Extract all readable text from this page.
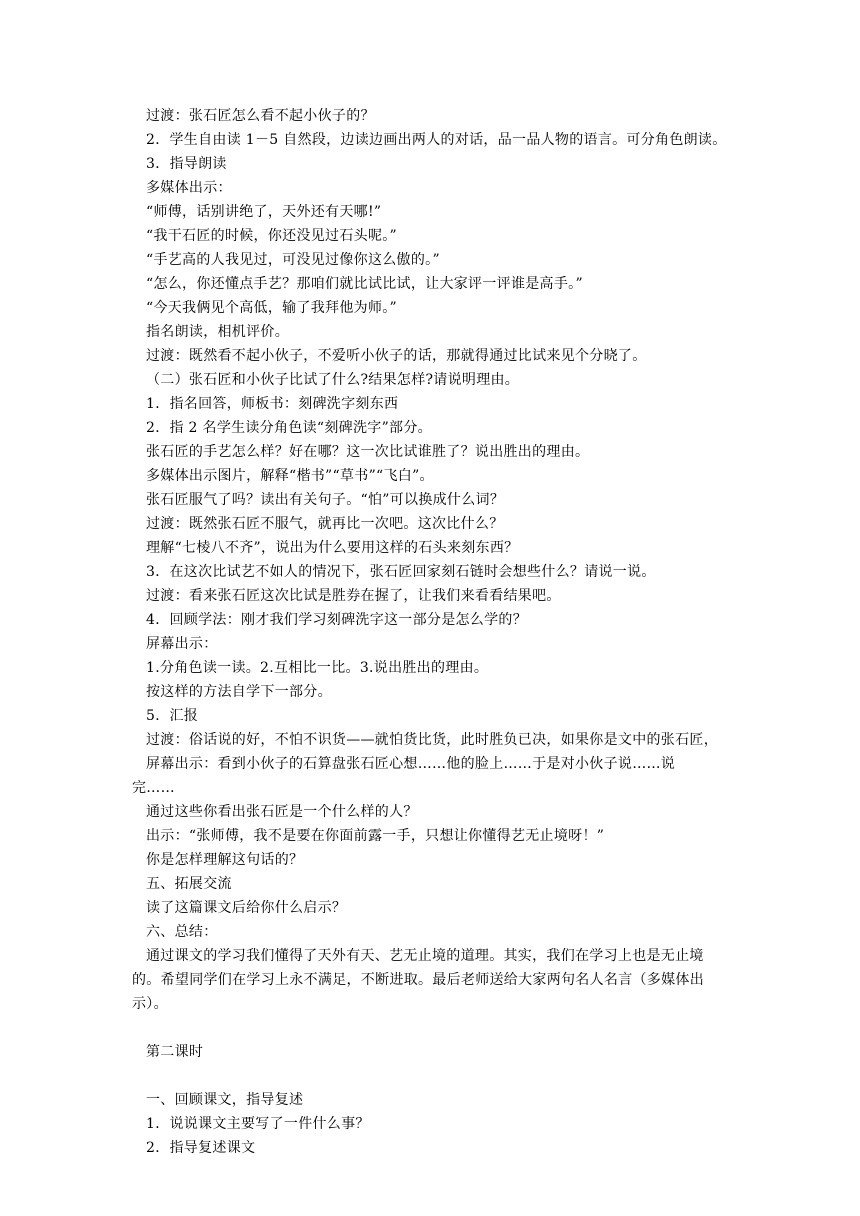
过渡：张石匠怎么看不起小伙子的？
2．学生自由读 1－5 自然段，边读边画出两人的对话，品一品人物的语言。可分角色朗读。
3．指导朗读
多媒体出示：
“师傅，话别讲绝了，天外还有天哪!”
“我干石匠的时候，你还没见过石头呢。”
“手艺高的人我见过，可没见过像你这么傲的。”
“怎么，你还懂点手艺？那咱们就比试比试，让大家评一评谁是高手。”
“今天我俩见个高低，输了我拜他为师。”
指名朗读，相机评价。
过渡：既然看不起小伙子，不爱听小伙子的话，那就得通过比试来见个分晓了。
（二）张石匠和小伙子比试了什么?结果怎样?请说明理由。
1．指名回答，师板书：刻碑洗字刻东西
2．指 2 名学生读分角色读“刻碑洗字”部分。
张石匠的手艺怎么样？好在哪？这一次比试谁胜了？说出胜出的理由。
多媒体出示图片，解释“楷书”“草书”“飞白”。
张石匠服气了吗？读出有关句子。“怕”可以换成什么词？
过渡：既然张石匠不服气，就再比一次吧。这次比什么？
理解“七棱八不齐”，说出为什么要用这样的石头来刻东西？
3．在这次比试艺不如人的情况下，张石匠回家刻石链时会想些什么？请说一说。
过渡：看来张石匠这次比试是胜券在握了，让我们来看看结果吧。
4．回顾学法：刚才我们学习刻碑洗字这一部分是怎么学的？
屏幕出示：
1.分角色读一读。2.互相比一比。3.说出胜出的理由。
按这样的方法自学下一部分。
5．汇报
过渡：俗话说的好，不怕不识货——就怕货比货，此时胜负已决，如果你是文中的张石匠，
屏幕出示：看到小伙子的石算盘张石匠心想……他的脸上……于是对小伙子说……说
完……
通过这些你看出张石匠是一个什么样的人？
出示：“张师傅，我不是要在你面前露一手，只想让你懂得艺无止境呀！”
你是怎样理解这句话的？
五、拓展交流
读了这篇课文后给你什么启示？
六、总结：
通过课文的学习我们懂得了天外有天、艺无止境的道理。其实，我们在学习上也是无止境
的。希望同学们在学习上永不满足，不断进取。最后老师送给大家两句名人名言（多媒体出
示）。
第二课时
一、回顾课文，指导复述
1．说说课文主要写了一件什么事？
2．指导复述课文
